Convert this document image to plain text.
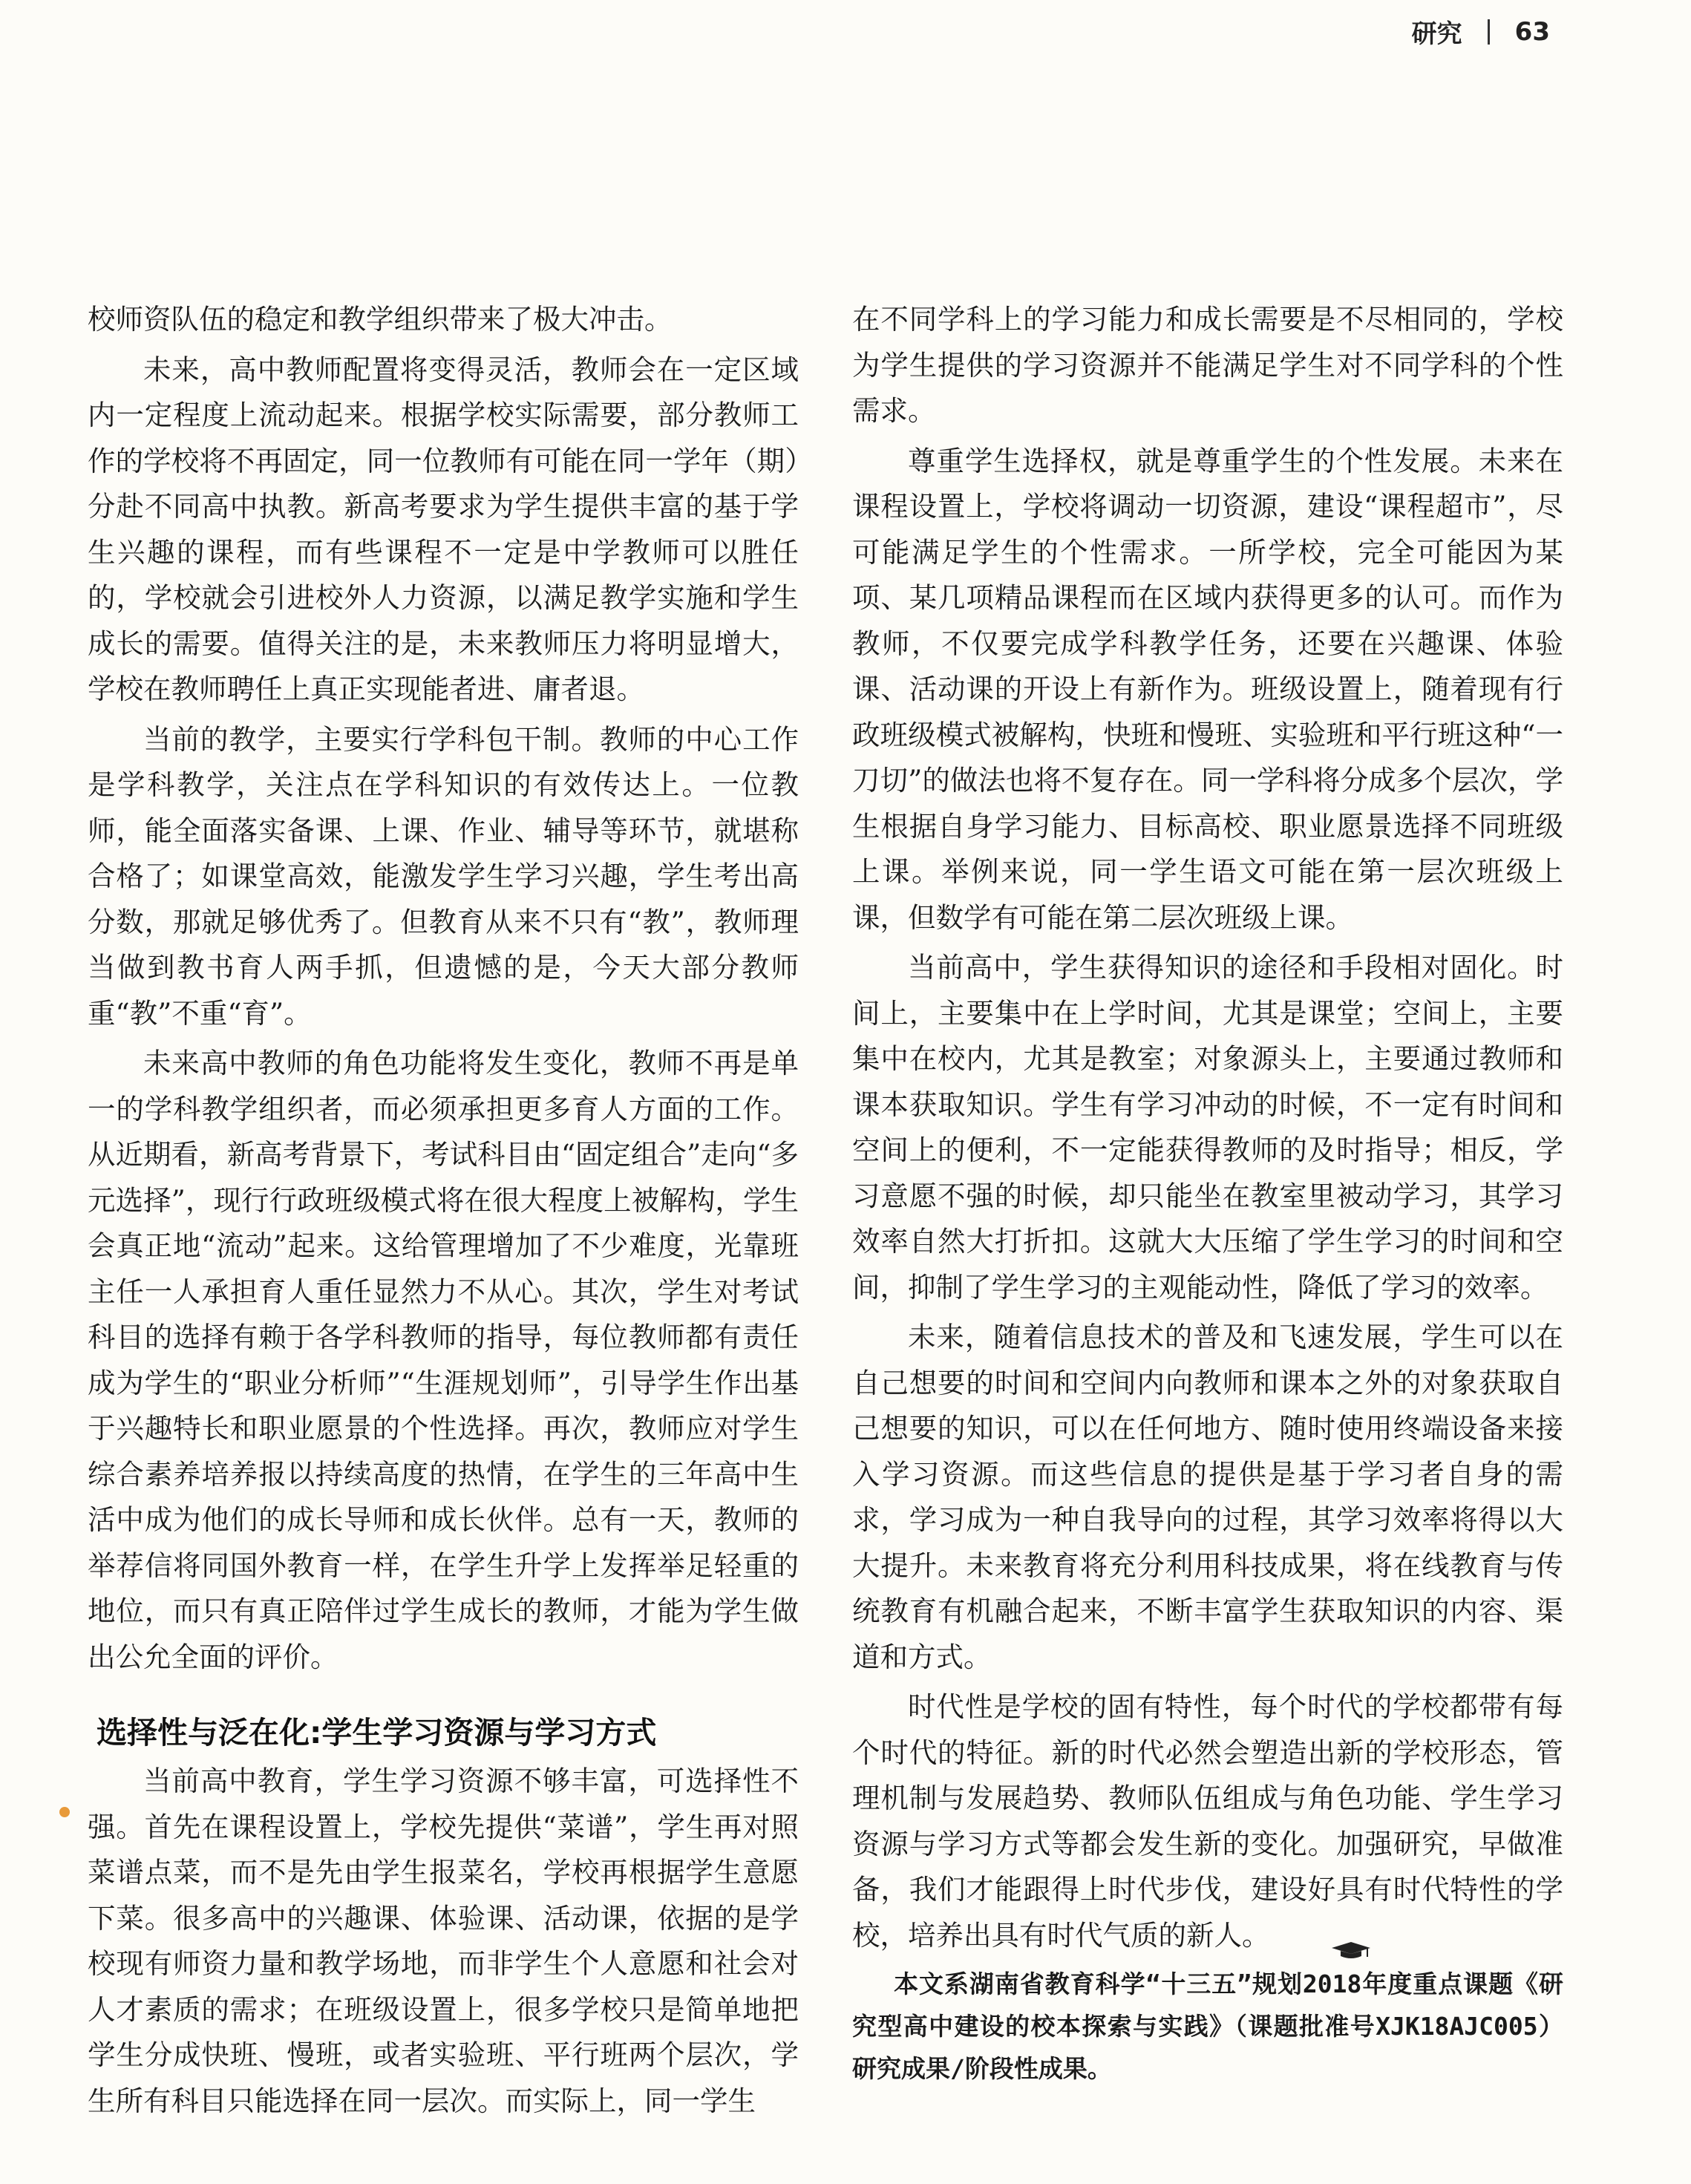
研究 63

校师资队伍的稳定和教学组织带来了极大冲击。

未来，高中教师配置将变得灵活，教师会在一定区域内一定程度上流动起来。根据学校实际需要，部分教师工作的学校将不再固定，同一位教师有可能在同一学年（期）分赴不同高中执教。新高考要求为学生提供丰富的基于学生兴趣的课程，而有些课程不一定是中学教师可以胜任的，学校就会引进校外人力资源，以满足教学实施和学生成长的需要。值得关注的是，未来教师压力将明显增大，学校在教师聘任上真正实现能者进、庸者退。

当前的教学，主要实行学科包干制。教师的中心工作是学科教学，关注点在学科知识的有效传达上。一位教师，能全面落实备课、上课、作业、辅导等环节，就堪称合格了；如课堂高效，能激发学生学习兴趣，学生考出高分数，那就足够优秀了。但教育从来不只有“教”，教师理当做到教书育人两手抓，但遗憾的是，今天大部分教师重“教”不重“育”。

未来高中教师的角色功能将发生变化，教师不再是单一的学科教学组织者，而必须承担更多育人方面的工作。从近期看，新高考背景下，考试科目由“固定组合”走向“多元选择”，现行行政班级模式将在很大程度上被解构，学生会真正地“流动”起来。这给管理增加了不少难度，光靠班主任一人承担育人重任显然力不从心。其次，学生对考试科目的选择有赖于各学科教师的指导，每位教师都有责任成为学生的“职业分析师”“生涯规划师”，引导学生作出基于兴趣特长和职业愿景的个性选择。再次，教师应对学生综合素养培养报以持续高度的热情，在学生的三年高中生活中成为他们的成长导师和成长伙伴。总有一天，教师的举荐信将同国外教育一样，在学生升学上发挥举足轻重的地位，而只有真正陪伴过学生成长的教师，才能为学生做出公允全面的评价。

选择性与泛在化:学生学习资源与学习方式

当前高中教育，学生学习资源不够丰富，可选择性不强。首先在课程设置上，学校先提供“菜谱”，学生再对照菜谱点菜，而不是先由学生报菜名，学校再根据学生意愿下菜。很多高中的兴趣课、体验课、活动课，依据的是学校现有师资力量和教学场地，而非学生个人意愿和社会对人才素质的需求；在班级设置上，很多学校只是简单地把学生分成快班、慢班，或者实验班、平行班两个层次，学生所有科目只能选择在同一层次。而实际上，同一学生

在不同学科上的学习能力和成长需要是不尽相同的，学校为学生提供的学习资源并不能满足学生对不同学科的个性需求。

尊重学生选择权，就是尊重学生的个性发展。未来在课程设置上，学校将调动一切资源，建设“课程超市”，尽可能满足学生的个性需求。一所学校，完全可能因为某项、某几项精品课程而在区域内获得更多的认可。而作为教师，不仅要完成学科教学任务，还要在兴趣课、体验课、活动课的开设上有新作为。班级设置上，随着现有行政班级模式被解构，快班和慢班、实验班和平行班这种“一刀切”的做法也将不复存在。同一学科将分成多个层次，学生根据自身学习能力、目标高校、职业愿景选择不同班级上课。举例来说，同一学生语文可能在第一层次班级上课，但数学有可能在第二层次班级上课。

当前高中，学生获得知识的途径和手段相对固化。时间上，主要集中在上学时间，尤其是课堂；空间上，主要集中在校内，尤其是教室；对象源头上，主要通过教师和课本获取知识。学生有学习冲动的时候，不一定有时间和空间上的便利，不一定能获得教师的及时指导；相反，学习意愿不强的时候，却只能坐在教室里被动学习，其学习效率自然大打折扣。这就大大压缩了学生学习的时间和空间，抑制了学生学习的主观能动性，降低了学习的效率。

未来，随着信息技术的普及和飞速发展，学生可以在自己想要的时间和空间内向教师和课本之外的对象获取自己想要的知识，可以在任何地方、随时使用终端设备来接入学习资源。而这些信息的提供是基于学习者自身的需求，学习成为一种自我导向的过程，其学习效率将得以大大提升。未来教育将充分利用科技成果，将在线教育与传统教育有机融合起来，不断丰富学生获取知识的内容、渠道和方式。

时代性是学校的固有特性，每个时代的学校都带有每个时代的特征。新的时代必然会塑造出新的学校形态，管理机制与发展趋势、教师队伍组成与角色功能、学生学习资源与学习方式等都会发生新的变化。加强研究，早做准备，我们才能跟得上时代步伐，建设好具有时代特性的学校，培养出具有时代气质的新人。

本文系湖南省教育科学“十三五”规划2018年度重点课题《研究型高中建设的校本探索与实践》（课题批准号XJK18AJC005）研究成果/阶段性成果。
